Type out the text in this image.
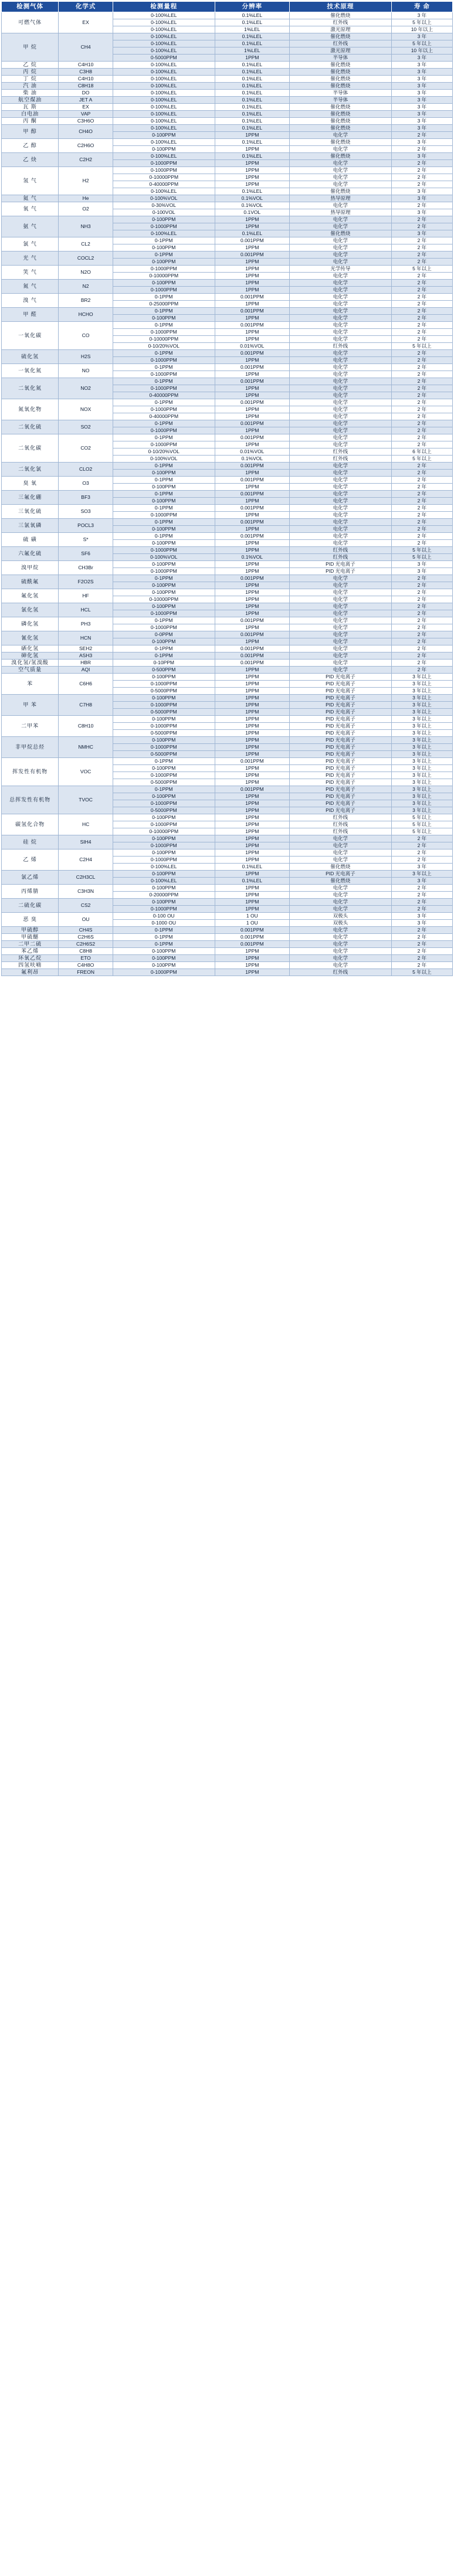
检测气体	化学式	检测量程	分辨率	技术原理	寿 命
可燃气体	EX	0-100%LEL	0.1%LEL	催化燃烧	3 年
		0-100%LEL	0.1%LEL	红外线	5 年以上
		0-100%LEL	1%LEL	激光原理	10 年以上
甲 烷	CH4	0-100%LEL	0.1%LEL	催化燃烧	3 年
		0-100%LEL	0.1%LEL	红外线	5 年以上
		0-100%LEL	1%LEL	激光原理	10 年以上
		0-5000PPM	1PPM	半导体	3 年
乙 烷	C4H10	0-100%LEL	0.1%LEL	催化燃烧	3 年
丙 烷	C3H8	0-100%LEL	0.1%LEL	催化燃烧	3 年
丁 烷	C4H10	0-100%LEL	0.1%LEL	催化燃烧	3 年
汽 油	C8H18	0-100%LEL	0.1%LEL	催化燃烧	3 年
柴 油	DO	0-100%LEL	0.1%LEL	半导体	3 年
航空煤油	JET A	0-100%LEL	0.1%LEL	半导体	3 年
瓦 斯	EX	0-100%LEL	0.1%LEL	催化燃烧	3 年
白电油	VAP	0-100%LEL	0.1%LEL	催化燃烧	3 年
丙 酮	C3H6O	0-100%LEL	0.1%LEL	催化燃烧	3 年
甲 醇	CH4O	0-100%LEL	0.1%LEL	催化燃烧	3 年
		0-100PPM	1PPM	电化学	2 年
乙 醇	C2H6O	0-100%LEL	0.1%LEL	催化燃烧	3 年
		0-100PPM	1PPM	电化学	2 年
乙 炔	C2H2	0-100%LEL	0.1%LEL	催化燃烧	3 年
		0-1000PPM	1PPM	电化学	2 年
氢 气	H2	0-1000PPM	1PPM	电化学	2 年
		0-10000PPM	1PPM	电化学	2 年
		0-40000PPM	1PPM	电化学	2 年
		0-100%LEL	0.1%LEL	催化燃烧	3 年
氦 气	He	0-100%VOL	0.1%VOL	热导原理	3 年
氧 气	O2	0-30%VOL	0.1%VOL	电化学	2 年
		0-100VOL	0.1VOL	热导原理	3 年
氨 气	NH3	0-100PPM	1PPM	电化学	2 年
		0-1000PPM	1PPM	电化学	2 年
		0-100%LEL	0.1%LEL	催化燃烧	3 年
氯 气	CL2	0-1PPM	0.001PPM	电化学	2 年
		0-100PPM	1PPM	电化学	2 年
光 气	COCL2	0-1PPM	0.001PPM	电化学	2 年
		0-100PPM	1PPM	电化学	2 年
笑 气	N2O	0-1000PPM	1PPM	光学传导	5 年以上
		0-10000PPM	1PPM	电化学	2 年
氮 气	N2	0-100PPM	1PPM	电化学	2 年
		0-1000PPM	1PPM	电化学	2 年
溴 气	BR2	0-1PPM	0.001PPM	电化学	2 年
		0-25000PPM	1PPM	电化学	2 年
甲 醛	HCHO	0-1PPM	0.001PPM	电化学	2 年
		0-100PPM	1PPM	电化学	2 年
一氧化碳	CO	0-1PPM	0.001PPM	电化学	2 年
		0-1000PPM	1PPM	电化学	2 年
		0-10000PPM	1PPM	电化学	2 年
		0-10/20%VOL	0.01%VOL	红外线	5 年以上
硫化氢	H2S	0-1PPM	0.001PPM	电化学	2 年
		0-1000PPM	1PPM	电化学	2 年
一氧化氮	NO	0-1PPM	0.001PPM	电化学	2 年
		0-1000PPM	1PPM	电化学	2 年
二氧化氮	NO2	0-1PPM	0.001PPM	电化学	2 年
		0-1000PPM	1PPM	电化学	2 年
		0-40000PPM	1PPM	电化学	2 年
氮氧化物	NOX	0-1PPM	0.001PPM	电化学	2 年
		0-1000PPM	1PPM	电化学	2 年
		0-40000PPM	1PPM	电化学	2 年
二氧化硫	SO2	0-1PPM	0.001PPM	电化学	2 年
		0-1000PPM	1PPM	电化学	2 年
二氧化碳	CO2	0-1PPM	0.001PPM	电化学	2 年
		0-1000PPM	1PPM	电化学	2 年
		0-10/20%VOL	0.01%VOL	红外线	6 年以上
		0-100%VOL	0.1%VOL	红外线	5 年以上
二氧化氯	CLO2	0-1PPM	0.001PPM	电化学	2 年
		0-100PPM	1PPM	电化学	2 年
臭 氧	O3	0-1PPM	0.001PPM	电化学	2 年
		0-100PPM	1PPM	电化学	2 年
三氟化硼	BF3	0-1PPM	0.001PPM	电化学	2 年
		0-100PPM	1PPM	电化学	2 年
三氧化硫	SO3	0-1PPM	0.001PPM	电化学	2 年
		0-1000PPM	1PPM	电化学	2 年
三氯氧磷	POCL3	0-1PPM	0.001PPM	电化学	2 年
		0-100PPM	1PPM	电化学	2 年
硫 磺	S*	0-1PPM	0.001PPM	电化学	2 年
		0-100PPM	1PPM	电化学	2 年
六氟化硫	SF6	0-1000PPM	1PPM	红外线	5 年以上
		0-100%VOL	0.1%VOL	红外线	5 年以上
溴甲烷	CH3Br	0-100PPM	1PPM	PID 光电离子	3 年
		0-1000PPM	1PPM	PID 光电离子	3 年
硫酰氟	F2O2S	0-1PPM	0.001PPM	电化学	2 年
		0-100PPM	1PPM	电化学	2 年
氟化氢	HF	0-100PPM	1PPM	电化学	2 年
		0-10000PPM	1PPM	电化学	2 年
氯化氢	HCL	0-100PPM	1PPM	电化学	2 年
		0-1000PPM	1PPM	电化学	2 年
磷化氢	PH3	0-1PPM	0.001PPM	电化学	2 年
		0-1000PPM	1PPM	电化学	2 年
氰化氢	HCN	0-0PPM	0.001PPM	电化学	2 年
		0-100PPM	1PPM	电化学	2 年
硒化氢	SEH2	0-1PPM	0.001PPM	电化学	2 年
砷化氢	ASH3	0-1PPM	0.001PPM	电化学	2 年
溴化氢/氢溴酸	HBR	0-10PPM	0.001PPM	电化学	2 年
空气质量	AQI	0-500PPM	1PPM	电化学	2 年
苯	C6H6	0-100PPM	1PPM	PID 光电离子	3 年以上
		0-1000PPM	1PPM	PID 光电离子	3 年以上
		0-5000PPM	1PPM	PID 光电离子	3 年以上
甲 苯	C7H8	0-100PPM	1PPM	PID 光电离子	3 年以上
		0-1000PPM	1PPM	PID 光电离子	3 年以上
		0-5000PPM	1PPM	PID 光电离子	3 年以上
二甲苯	C8H10	0-100PPM	1PPM	PID 光电离子	3 年以上
		0-1000PPM	1PPM	PID 光电离子	3 年以上
		0-5000PPM	1PPM	PID 光电离子	3 年以上
非甲烷总烃	NMHC	0-100PPM	1PPM	PID 光电离子	3 年以上
		0-1000PPM	1PPM	PID 光电离子	3 年以上
		0-5000PPM	1PPM	PID 光电离子	3 年以上
挥发性有机物	VOC	0-1PPM	0.001PPM	PID 光电离子	3 年以上
		0-100PPM	1PPM	PID 光电离子	3 年以上
		0-1000PPM	1PPM	PID 光电离子	3 年以上
		0-5000PPM	1PPM	PID 光电离子	3 年以上
总挥发性有机物	TVOC	0-1PPM	0.001PPM	PID 光电离子	3 年以上
		0-100PPM	1PPM	PID 光电离子	3 年以上
		0-1000PPM	1PPM	PID 光电离子	3 年以上
		0-5000PPM	1PPM	PID 光电离子	3 年以上
碳氢化合物	HC	0-100PPM	1PPM	红外线	5 年以上
		0-1000PPM	1PPM	红外线	5 年以上
		0-10000PPM	1PPM	红外线	5 年以上
硅 烷	SIH4	0-100PPM	1PPM	电化学	2 年
		0-1000PPM	1PPM	电化学	2 年
乙 烯	C2H4	0-100PPM	1PPM	电化学	2 年
		0-1000PPM	1PPM	电化学	2 年
		0-100%LEL	0.1%LEL	催化燃烧	3 年
氯乙烯	C2H3CL	0-100PPM	1PPM	PID 光电离子	3 年以上
		0-100%LEL	0.1%LEL	催化燃烧	3 年
丙烯腈	C3H3N	0-100PPM	1PPM	电化学	2 年
		0-20000PPM	1PPM	电化学	2 年
二硫化碳	CS2	0-100PPM	1PPM	电化学	2 年
		0-1000PPM	1PPM	电化学	2 年
恶 臭	OU	0-100 OU	1 OU	双极头	3 年
		0-1000 OU	1 OU	双极头	3 年
甲硫醇	CH4S	0-1PPM	0.001PPM	电化学	2 年
甲硫醚	C2H6S	0-1PPM	0.001PPM	电化学	2 年
二甲二硫	C2H6S2	0-1PPM	0.001PPM	电化学	2 年
苯乙烯	C8H8	0-100PPM	1PPM	电化学	2 年
环氧乙烷	ETO	0-100PPM	1PPM	电化学	2 年
四氢呋喃	C4H8O	0-100PPM	1PPM	电化学	2 年
氟利昂	FREON	0-1000PPM	1PPM	红外线	5 年以上
